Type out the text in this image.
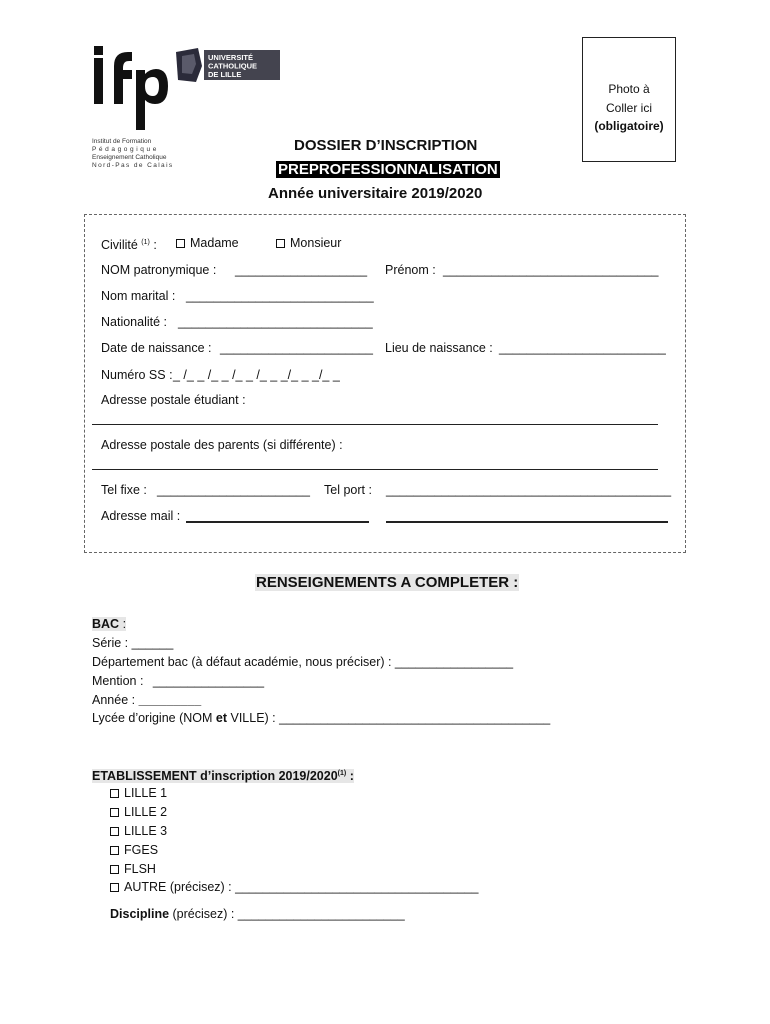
Institut de Formation
Pédagogique
Enseignement Catholique
Nord-Pas de Calais
UNIVERSITÉ
CATHOLIQUE
DE LILLE
Photo à
Coller ici
(obligatoire)
DOSSIER D’INSCRIPTION
PREPROFESSIONNALISATION
Année universitaire 2019/2020
Civilité $^{(1)}$ :	Madame	Monsieur
NOM patronymique : ___________________ Prénom : _______________________________
Nom marital : ___________________________
Nationalité : ____________________________
Date de naissance : ______________________ Lieu de naissance : ________________________
Numéro SS : _ /_ _ /_ _ /_ _ /_ _ _/_ _ _/_ _
Adresse postale étudiant :
Adresse postale des parents (si différente) :
Tel fixe : ______________________ Tel port : _________________________________________
Adresse mail :
RENSEIGNEMENTS A COMPLETER :
BAC :
Série : ______
Département bac (à défaut académie, nous préciser) : _________________
Mention : ________________
Année : _________
Lycée d’origine (NOM et VILLE) : _______________________________________
ETABLISSEMENT d’inscription 2019/2020$^{(1)}$ :
LILLE 1
LILLE 2
LILLE 3
FGES
FLSH
AUTRE (précisez) : ___________________________________
Discipline (précisez) : ________________________
